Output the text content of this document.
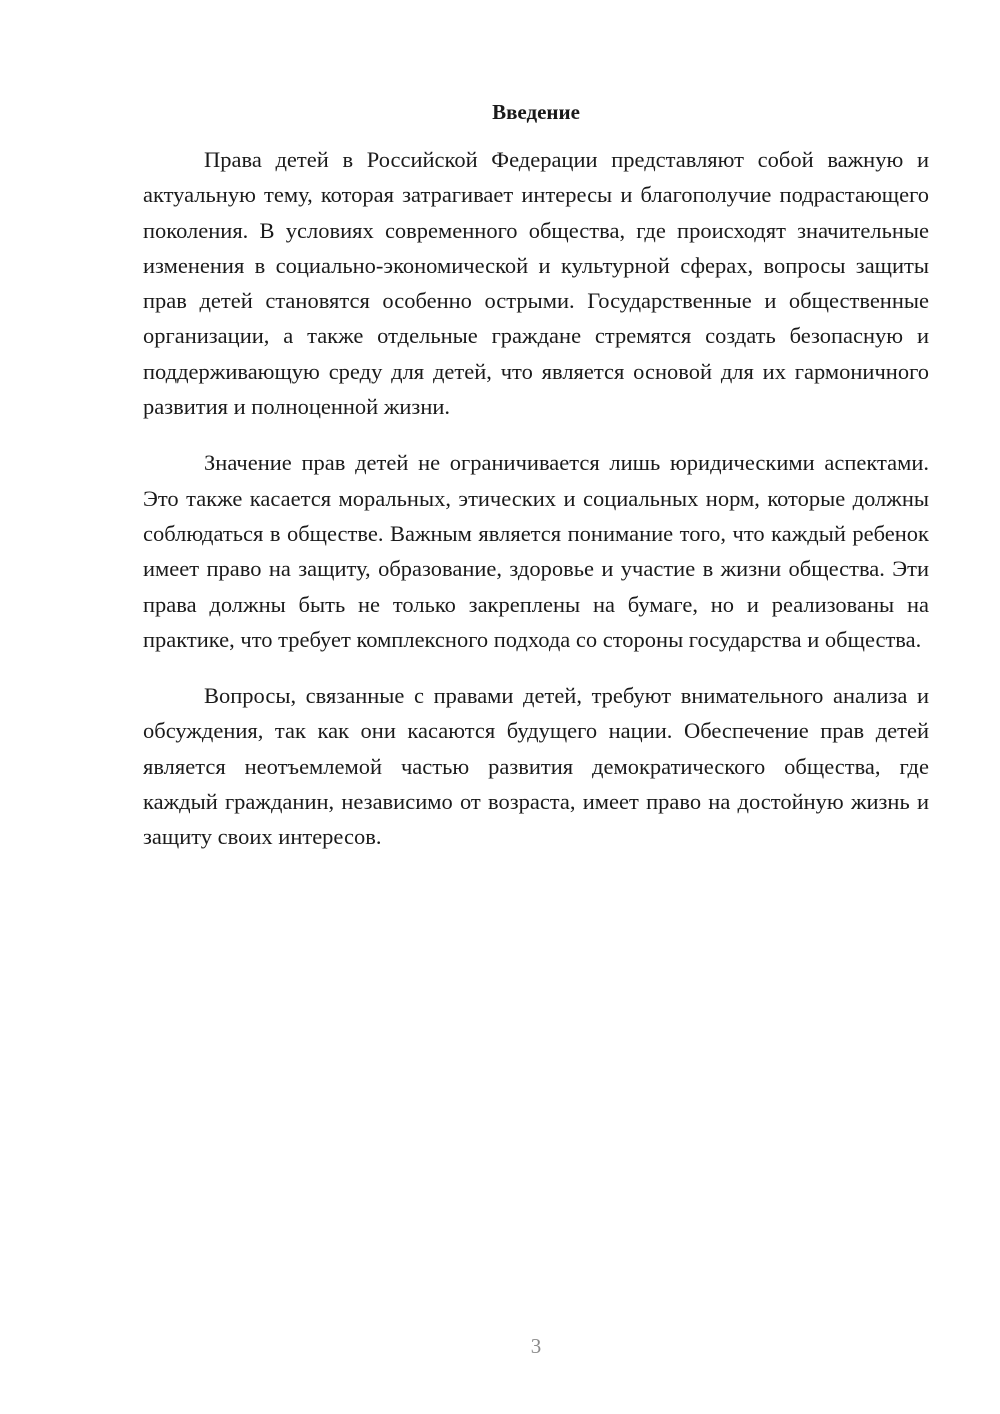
Введение

Права детей в Российской Федерации представляют собой важную и актуальную тему, которая затрагивает интересы и благополучие подрастающего поколения. В условиях современного общества, где происходят значительные изменения в социально-экономической и культурной сферах, вопросы защиты прав детей становятся особенно острыми. Государственные и общественные организации, а также отдельные граждане стремятся создать безопасную и поддерживающую среду для детей, что является основой для их гармоничного развития и полноценной жизни.

Значение прав детей не ограничивается лишь юридическими аспектами. Это также касается моральных, этических и социальных норм, которые должны соблюдаться в обществе. Важным является понимание того, что каждый ребенок имеет право на защиту, образование, здоровье и участие в жизни общества. Эти права должны быть не только закреплены на бумаге, но и реализованы на практике, что требует комплексного подхода со стороны государства и общества.

Вопросы, связанные с правами детей, требуют внимательного анализа и обсуждения, так как они касаются будущего нации. Обеспечение прав детей является неотъемлемой частью развития демократического общества, где каждый гражданин, независимо от возраста, имеет право на достойную жизнь и защиту своих интересов.

3
